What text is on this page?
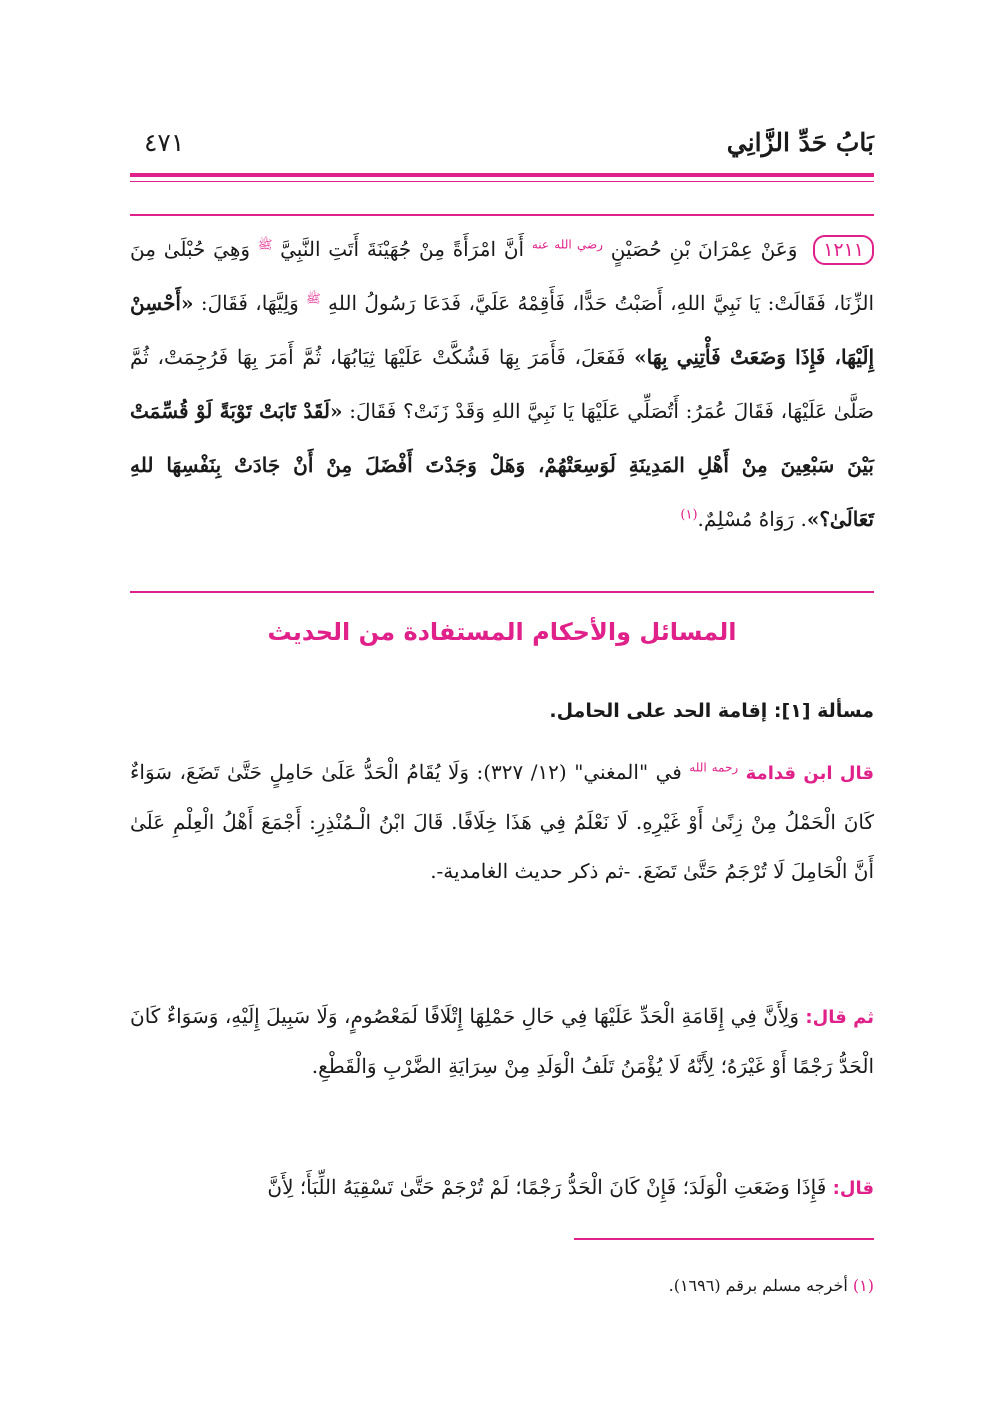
بَابُ حَدِّ الزَّانِي
٤٧١
١٢١١ وَعَنْ عِمْرَانَ بْنِ حُصَيْنٍ $^{رضي الله عنه}$ أَنَّ امْرَأَةً مِنْ جُهَيْنَةَ أَتَتِ النَّبِيَّ $^ﷺ$ وَهِيَ حُبْلَىٰ مِنَ الزِّنَا، فَقَالَتْ: يَا نَبِيَّ اللهِ، أَصَبْتُ حَدًّا، فَأَقِمْهُ عَلَيَّ، فَدَعَا رَسُولُ اللهِ $^ﷺ$ وَلِيَّهَا، فَقَالَ: «أَحْسِنْ إِلَيْهَا، فَإِذَا وَضَعَتْ فَأْتِنِي بِهَا» فَفَعَلَ، فَأَمَرَ بِهَا فَشُكَّتْ عَلَيْهَا ثِيَابُهَا، ثُمَّ أَمَرَ بِهَا فَرُجِمَتْ، ثُمَّ صَلَّىٰ عَلَيْهَا، فَقَالَ عُمَرُ: أَتُصَلِّي عَلَيْهَا يَا نَبِيَّ اللهِ وَقَدْ زَنَتْ؟ فَقَالَ: «لَقَدْ تَابَتْ تَوْبَةً لَوْ قُسِّمَتْ بَيْنَ سَبْعِينَ مِنْ أَهْلِ المَدِينَةِ لَوَسِعَتْهُمْ، وَهَلْ وَجَدْتَ أَفْضَلَ مِنْ أَنْ جَادَتْ بِنَفْسِهَا للهِ تَعَالَىٰ؟». رَوَاهُ مُسْلِمٌ.$^{(١)}$
المسائل والأحكام المستفادة من الحديث
مسألة [١]: إقامة الحد على الحامل.
قال ابن قدامة $^{رحمه الله}$ في "المغني" (١٢/ ٣٢٧): وَلَا يُقَامُ الْحَدُّ عَلَىٰ حَامِلٍ حَتَّىٰ تَضَعَ، سَوَاءٌ كَانَ الْحَمْلُ مِنْ زِنًىٰ أَوْ غَيْرِهِ. لَا نَعْلَمُ فِي هَذَا خِلَافًا. قَالَ ابْنُ الْـمُنْذِرِ: أَجْمَعَ أَهْلُ الْعِلْمِ عَلَىٰ أَنَّ الْحَامِلَ لَا تُرْجَمُ حَتَّىٰ تَضَعَ. -ثم ذكر حديث الغامدية-.
ثم قال: وَلِأَنَّ فِي إِقَامَةِ الْحَدِّ عَلَيْهَا فِي حَالِ حَمْلِهَا إِتْلَافًا لَمَعْصُومٍ، وَلَا سَبِيلَ إِلَيْهِ، وَسَوَاءٌ كَانَ الْحَدُّ رَجْمًا أَوْ غَيْرَهُ؛ لِأَنَّهُ لَا يُؤْمَنُ تَلَفُ الْوَلَدِ مِنْ سِرَايَةِ الضَّرْبِ وَالْقَطْعِ.
قال: فَإِذَا وَضَعَتِ الْوَلَدَ؛ فَإِنْ كَانَ الْحَدُّ رَجْمًا؛ لَمْ تُرْجَمْ حَتَّىٰ تَسْقِيَهُ اللِّبَأَ؛ لِأَنَّ
(١) أخرجه مسلم برقم (١٦٩٦).
